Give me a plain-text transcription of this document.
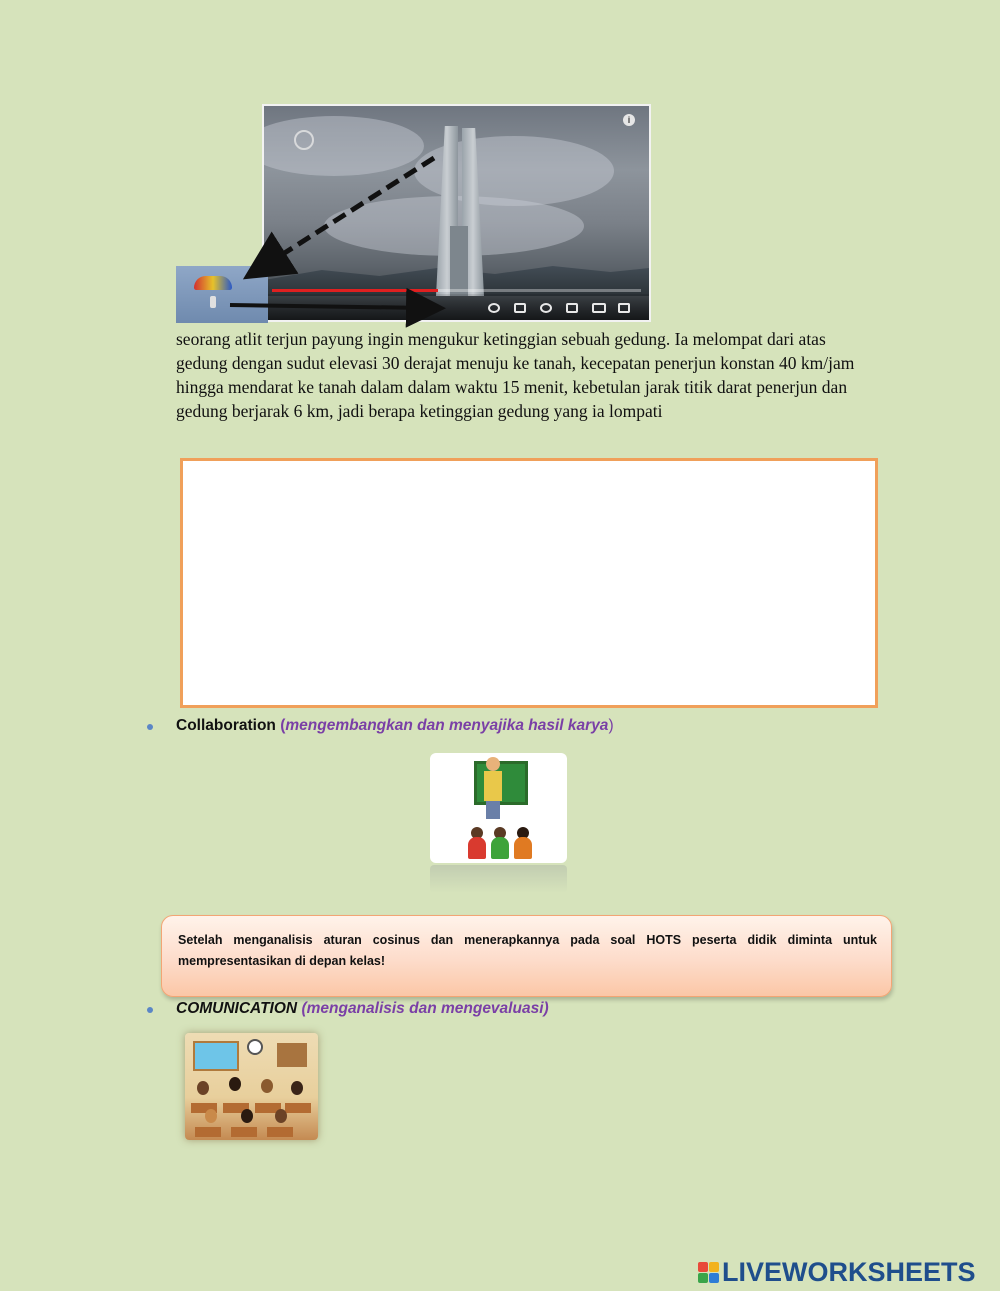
i

seorang atlit terjun payung ingin mengukur ketinggian sebuah gedung. Ia melompat dari atas gedung dengan sudut elevasi 30 derajat menuju ke tanah, kecepatan penerjun konstan 40 km/jam hingga mendarat ke tanah dalam dalam waktu 15 menit, kebetulan jarak titik darat penerjun dan gedung berjarak 6 km, jadi berapa ketinggian gedung yang ia lompati

Collaboration (mengembangkan dan menyajika hasil karya)
Setelah menganalisis aturan cosinus dan menerapkannya pada soal HOTS peserta didik diminta untuk mempresentasikan di depan kelas!
COMUNICATION (menganalisis dan mengevaluasi)
LIVEWORKSHEETS
